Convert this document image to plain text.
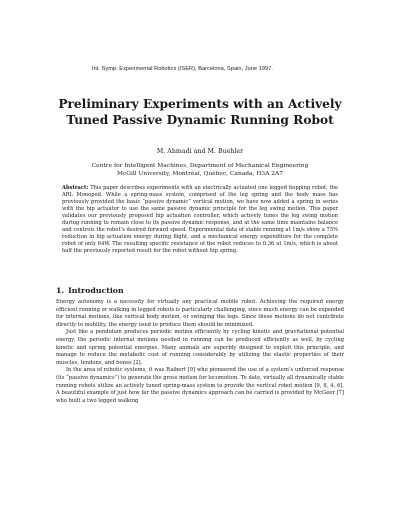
Int. Symp. Experimental Robotics (ISER), Barcelona, Spain, June 1997.
Preliminary Experiments with an Actively Tuned Passive Dynamic Running Robot
M. Ahmadi and M. Buehler
Centre for Intelligent Machines, Department of Mechanical Engineering
McGill University, Montréal, Québec, Canada, H3A 2A7
Abstract: This paper describes experiments with an electrically actuated one legged hopping robot, the ARL Monopod. While a spring-mass system, comprised of the leg spring and the body mass has previously provided the basic “passive dynamic” vertical motion, we have now added a spring in series with the hip actuator to use the same passive dynamic principle for the leg swing motion. This paper validates our previously proposed hip actuation controller, which actively tunes the leg swing motion during running to remain close to its passive dynamic response, and at the same time maintains balance and controls the robot’s desired forward speed. Experimental data of stable running at 1m/s show a 75% reduction in hip actuation energy during flight, and a mechanical energy expenditure for the complete robot of only 64W. The resulting specific resistance of the robot reduces to 0.36 at 1m/s, which is about half the previously reported result for the robot without hip spring.
1. Introduction

Energy autonomy is a necessity for virtually any practical mobile robot. Achieving the required energy efficient running or walking in legged robots is particularly challenging, since much energy can be expended for internal motions, like vertical body motion, or swinging the legs. Since these motions do not contribute directly to mobility, the energy used to produce them should be minimized.

Just like a pendulum produces periodic motion efficiently by cycling kinetic and gravitational potential energy, the periodic internal motions needed in running can be produced efficiently as well, by cycling kinetic and spring potential energies. Many animals are superbly designed to exploit this principle, and manage to reduce the metabolic cost of running considerably by utilizing the elastic properties of their muscles, tendons, and bones [2].

In the area of robotic systems, it was Raibert [9] who pioneered the use of a system’s unforced response (its “passive dynamics”) to generate the gross motion for locomotion. To date, virtually all dynamically stable running robots utilize an actively tuned spring-mass system to provide the vertical robot motion [9, 8, 4, 6]. A beautiful example of just how far the passive dynamics approach can be carried is provided by McGeer [7] who built a two legged walking
